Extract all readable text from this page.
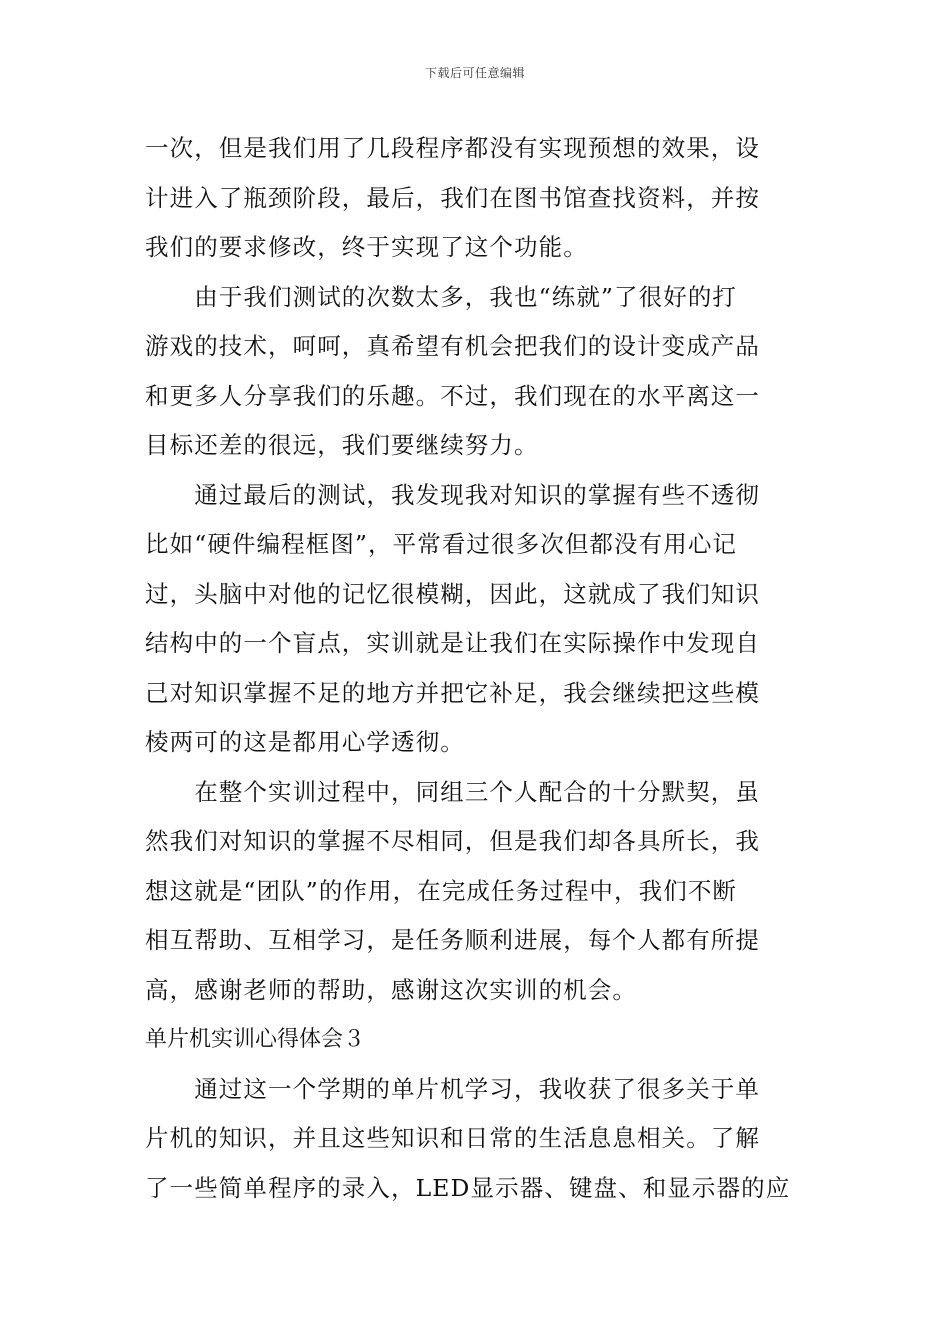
下载后可任意编辑
一次，但是我们用了几段程序都没有实现预想的效果，设
计进入了瓶颈阶段，最后，我们在图书馆查找资料，并按
我们的要求修改，终于实现了这个功能。
　　由于我们测试的次数太多，我也“练就”了很好的打
游戏的技术，呵呵，真希望有机会把我们的设计变成产品
和更多人分享我们的乐趣。不过，我们现在的水平离这一
目标还差的很远，我们要继续努力。
　　通过最后的测试，我发现我对知识的掌握有些不透彻
比如“硬件编程框图”，平常看过很多次但都没有用心记
过，头脑中对他的记忆很模糊，因此，这就成了我们知识
结构中的一个盲点，实训就是让我们在实际操作中发现自
己对知识掌握不足的地方并把它补足，我会继续把这些模
棱两可的这是都用心学透彻。
　　在整个实训过程中，同组三个人配合的十分默契，虽
然我们对知识的掌握不尽相同，但是我们却各具所长，我
想这就是“团队”的作用，在完成任务过程中，我们不断
相互帮助、互相学习，是任务顺利进展，每个人都有所提
高，感谢老师的帮助，感谢这次实训的机会。
单片机实训心得体会３
　　通过这一个学期的单片机学习，我收获了很多关于单
片机的知识，并且这些知识和日常的生活息息相关。了解
了一些简单程序的录入，LED显示器、键盘、和显示器的应
